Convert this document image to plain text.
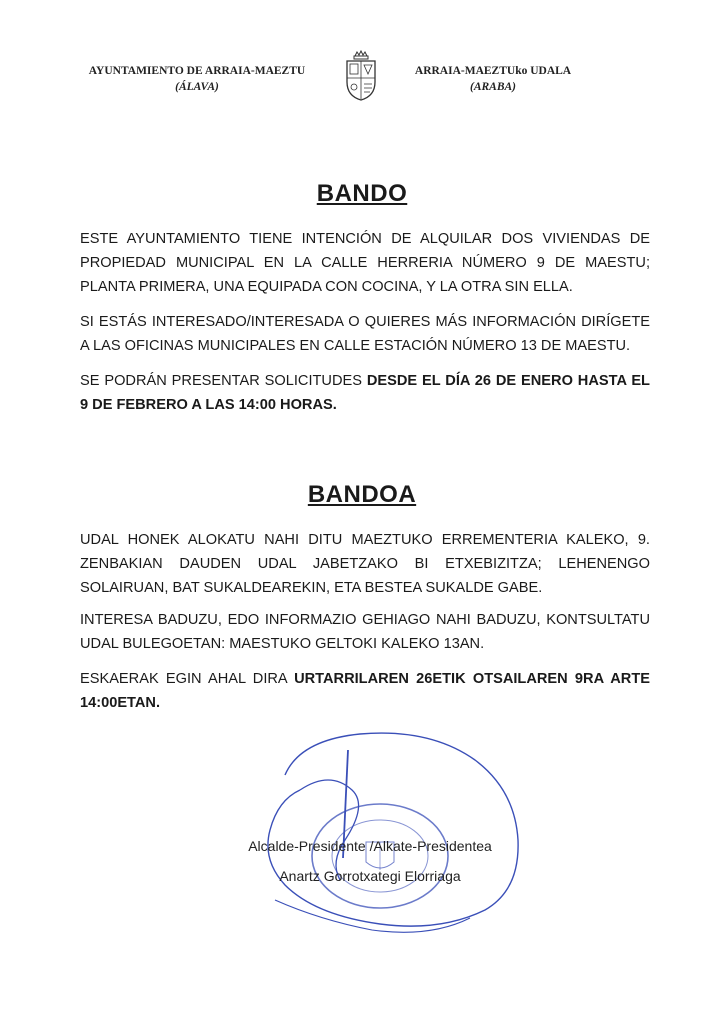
AYUNTAMIENTO DE ARRAIA-MAEZTU
(ÁLAVA)
ARRAIA-MAEZTUko UDALA
(ARABA)
BANDO
ESTE AYUNTAMIENTO TIENE INTENCIÓN DE ALQUILAR DOS VIVIENDAS DE PROPIEDAD MUNICIPAL EN LA CALLE HERRERIA NÚMERO 9 DE MAESTU; PLANTA PRIMERA, UNA EQUIPADA CON COCINA, Y LA OTRA SIN ELLA.
SI ESTÁS INTERESADO/INTERESADA O QUIERES MÁS INFORMACIÓN DIRÍGETE A LAS OFICINAS MUNICIPALES EN CALLE ESTACIÓN NÚMERO 13 DE MAESTU.
SE PODRÁN PRESENTAR SOLICITUDES DESDE EL DÍA 26 DE ENERO HASTA EL 9 DE FEBRERO A LAS 14:00 HORAS.
BANDOA
UDAL HONEK ALOKATU NAHI DITU MAEZTUKO ERREMENTERIA KALEKO, 9. ZENBAKIAN DAUDEN UDAL JABETZAKO BI ETXEBIZITZA; LEHENENGO SOLAIRUAN, BAT SUKALDEAREKIN, ETA BESTEA SUKALDE GABE.
INTERESA BADUZU, EDO INFORMAZIO GEHIAGO NAHI BADUZU, KONTSULTATU UDAL BULEGOETAN: MAESTUKO GELTOKI KALEKO 13AN.
ESKAERAK EGIN AHAL DIRA URTARRILAREN 26ETIK OTSAILAREN 9RA ARTE 14:00ETAN.
Alcalde-Presidente /Alkate-Presidentea
Anartz Gorrotxategi Elorriaga
